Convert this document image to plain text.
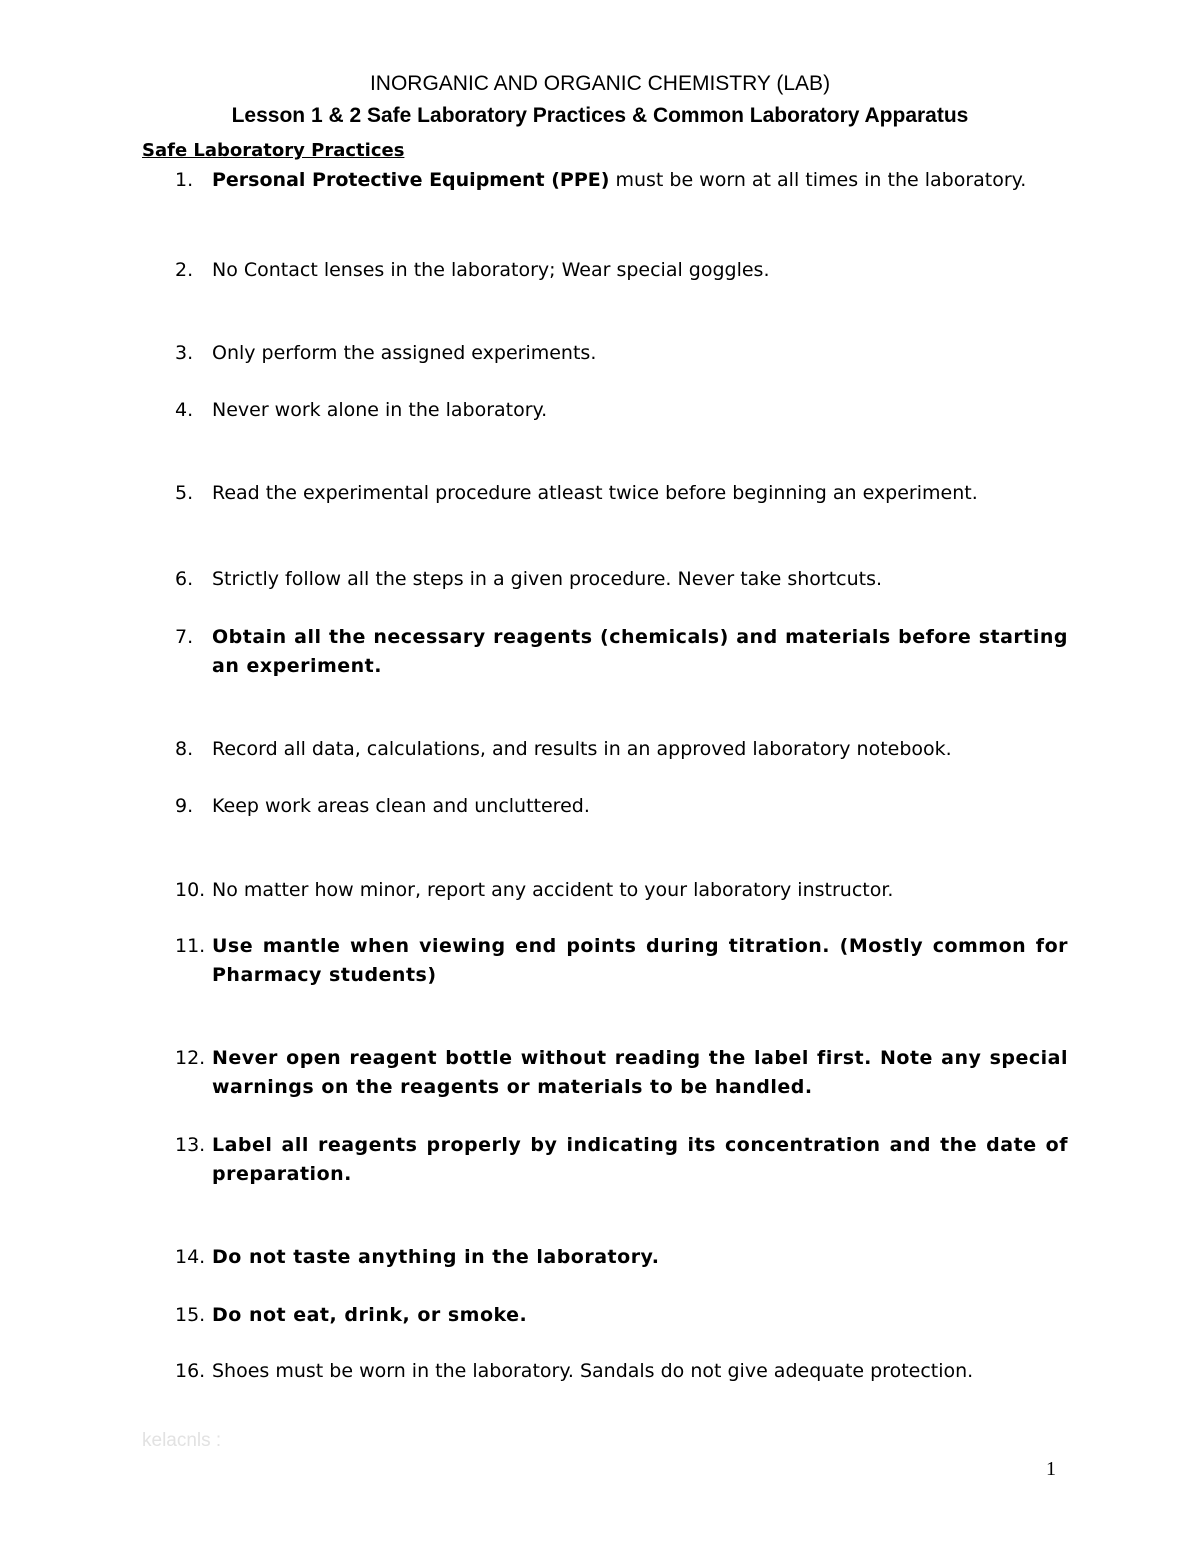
INORGANIC AND ORGANIC CHEMISTRY (LAB)

Lesson 1 & 2 Safe Laboratory Practices & Common Laboratory Apparatus

Safe Laboratory Practices

1. Personal Protective Equipment (PPE) must be worn at all times in the laboratory.
2. No Contact lenses in the laboratory; Wear special goggles.
3. Only perform the assigned experiments.
4. Never work alone in the laboratory.
5. Read the experimental procedure atleast twice before beginning an experiment.
6. Strictly follow all the steps in a given procedure. Never take shortcuts.
7. Obtain all the necessary reagents (chemicals) and materials before starting an experiment.
8. Record all data, calculations, and results in an approved laboratory notebook.
9. Keep work areas clean and uncluttered.
10. No matter how minor, report any accident to your laboratory instructor.
11. Use mantle when viewing end points during titration. (Mostly common for Pharmacy students)
12. Never open reagent bottle without reading the label first. Note any special warnings on the reagents or materials to be handled.
13. Label all reagents properly by indicating its concentration and the date of preparation.
14. Do not taste anything in the laboratory.
15. Do not eat, drink, or smoke.
16. Shoes must be worn in the laboratory. Sandals do not give adequate protection.
kelacnls :
1
